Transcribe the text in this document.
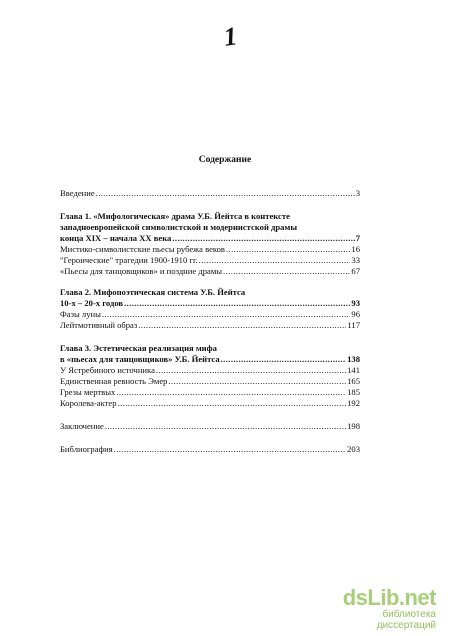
1
Содержание
Введение .....	3
Глава 1. «Мифологическая» драма У.Б. Йейтса в контексте
западноевропейской символистской и модернистской драмы
конца XIX – начала XX века .....	7
Мистико-символистские пьесы рубежа веков .....	16
"Героические" трагедии 1900-1910 гг. .....	33
«Пьесы для танцовщиков» и поздние драмы .....	67
Глава 2. Мифопоэтическая система У.Б. Йейтса
10-х – 20-х годов .....	93
Фазы луны .....	96
Лейтмотивный образ .....	117
Глава 3. Эстетическая реализация мифа
в «пьесах для танцовщиков» У.Б. Йейтса .....	138
У Ястребиного источника .....	141
Единственная ревность Эмер .....	165
Грезы мертвых .....	185
Королева-актер .....	192
Заключение .....	198
Библиография .....	203
dsLib.net
библиотека диссертаций
